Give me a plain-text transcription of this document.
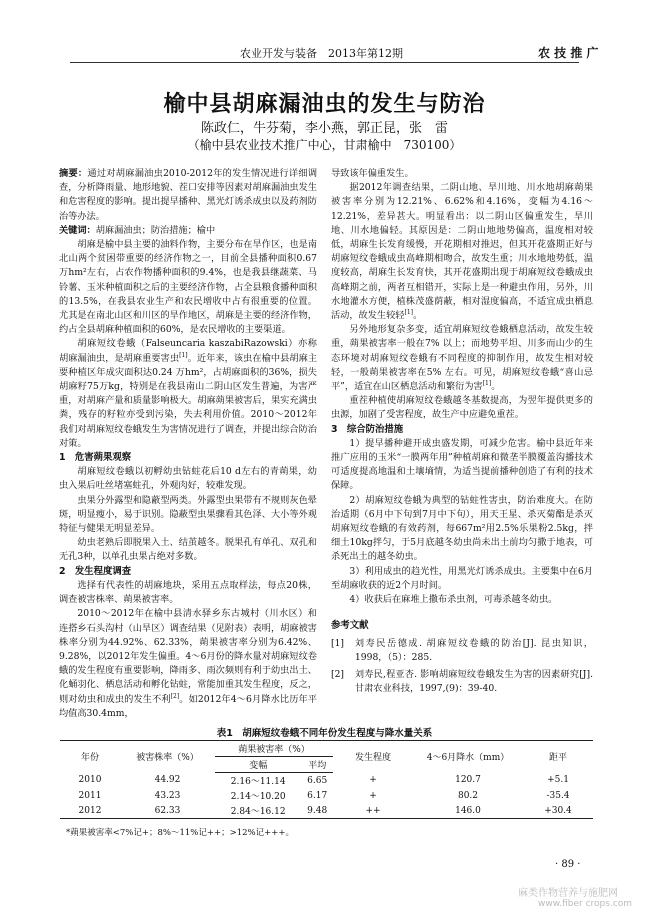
农业开发与装备　2013年第12期	农 技 推 广
榆中县胡麻漏油虫的发生与防治
陈政仁，牛芬菊，李小燕，郭正昆，张　雷
（榆中县农业技术推广中心，甘肃榆中　730100）

摘要：通过对胡麻漏油虫2010-2012年的发生情况进行详细调查，分析降雨量、地形地貌、茬口安排等因素对胡麻漏油虫发生和危害程度的影响。提出提早播种、黑光灯诱杀成虫以及药剂防治等办法。

关键词：胡麻漏油虫；防治措施；榆中

胡麻是榆中县主要的油料作物，主要分布在旱作区，也是南北山两个贫困带重要的经济作物之一，目前全县播种面积0.67万hm²左右，占农作物播种面积的9.4%，也是我县继蔬菜、马铃薯、玉米种植面积之后的主要经济作物，占全县粮食播种面积的13.5%，在我县农业生产和农民增收中占有很重要的位置。尤其是在南北山区和川区的旱作地区，胡麻是主要的经济作物，约占全县胡麻种植面积的60%，是农民增收的主要渠道。

胡麻短纹卷蛾（Falseuncaria kaszabiRazowski）亦称胡麻漏油虫，是胡麻重要害虫[1]。近年来，该虫在榆中县胡麻主要种植区年成灾面积达0.24 万hm²，占胡麻面积的36%，损失胡麻籽75万kg，特别是在我县南山二阴山区发生普遍，为害严重，对胡麻产量和质量影响极大。胡麻蒴果被害后，果实充满虫粪，残存的籽粒亦受到污染，失去利用价值。2010～2012年我们对胡麻短纹卷蛾发生为害情况进行了调查，并提出综合防治对策。

1　危害蒴果观察

胡麻短纹卷蛾以初孵幼虫钻蛀花后10 d左右的青蒴果，幼虫入果后吐丝堵塞蛀孔，外观肉好，较难发现。

虫果分外露型和隐蔽型两类。外露型虫果带有不规则灰色晕斑，明显瘦小，易于识别。隐蔽型虫果骤看其色泽、大小等外观特征与健果无明显差异。

幼虫老熟后即脱果入土、结茧越冬。脱果孔有单孔、双孔和无孔3种，以单孔虫果占绝对多数。

2　发生程度调查

选择有代表性的胡麻地块，采用五点取样法，每点20株，调查被害株率、蒴果被害率。

2010～2012年在榆中县清水驿乡东古城村（川水区）和连搭乡石头沟村（山旱区）调查结果（见附表）表明，胡麻被害株率分别为44.92%、62.33%，蒴果被害率分别为6.42%、9.28%，以2012年发生偏重。4～6月份的降水量对胡麻短纹卷蛾的发生程度有重要影响，降雨多、雨次频则有利于幼虫出土、化蛹羽化、栖息活动和孵化钻蛀，常能加重其发生程度，反之，则对幼虫和成虫的发生不利[2]。如2012年4～6月降水比历年平均值高30.4mm，

导致该年偏重发生。

据2012年调查结果，二阴山地、旱川地、川水地胡麻蒴果被害率分别为12.21%、6.62%和4.16%，变幅为4.16～12.21%，差异甚大。明显看出：以二阴山区偏重发生，旱川地、川水地偏轻。其原因是：二阴山地地势偏高，温度相对较低，胡麻生长发育缓慢，开花期相对推迟，但其开花盛期正好与胡麻短纹卷蛾成虫高峰期相吻合，故发生重；川水地地势低，温度较高，胡麻生长发育快，其开花盛期出现于胡麻短纹卷蛾成虫高峰期之前，两者互相错开，实际上是一种避虫作用，另外，川水地灌水方便，植株茂盛荫蔽，相对湿度偏高，不适宜成虫栖息活动，故发生较轻[1]。

另外地形复杂多变，适宜胡麻短纹卷蛾栖息活动，故发生较重，蒴果被害率一般在7% 以上；而地势平坦、川多而山少的生态环境对胡麻短纹卷蛾有不同程度的抑制作用，故发生相对较轻，一般蒴果被害率在5% 左右。可见，胡麻短纹卷蛾“喜山忌平”，适宜在山区栖息活动和繁衍为害[1]。

重茬种植使胡麻短纹卷蛾越冬基数提高，为翌年提供更多的虫源，加剧了受害程度，故生产中应避免重茬。

3　综合防治措施

1）提早播种避开成虫盛发期，可减少危害。榆中县近年来推广应用的玉米“一膜两年用”种植胡麻和微垄半膜覆盖沟播技术可适度提高地温和土壤墒情，为适当提前播种创造了有利的技术保障。

2）胡麻短纹卷蛾为典型的钻蛀性害虫，防治难度大。在防治适期（6月中下旬到7月中下旬），用天王星、杀灭菊酯是杀灭胡麻短纹卷蛾的有效药剂，每667m²用2.5%乐果粉2.5kg，拌细土10kg拌匀，于5月底越冬幼虫尚未出土前均匀撒于地表，可杀死出土的越冬幼虫。

3）利用成虫的趋光性，用黑光灯诱杀成虫。主要集中在6月至胡麻收获的近2个月时间。

4）收获后在麻堆上撒布杀虫剂，可毒杀越冬幼虫。

参考文献

[1] 刘寿民岳德成. 胡麻短纹卷蛾的防治[J]. 昆虫知识，1998，（5）：285.

[2] 刘寿民,程亚杏. 影响胡麻短纹卷蛾发生为害的因素研究[J]. 甘肃农业科技，1997,(9)：39-40.

表1　胡麻短纹卷蛾不同年份发生程度与降水量关系
年份	被害株率（%）	蒴果被害率（%）		发生程度	4～6月降水（mm）	距平
		变幅	平均			
2010	44.92	2.16～11.14	6.65	+	120.7	+5.1
2011	43.23	2.14～10.20	6.17	+	80.2	-35.4
2012	62.33	2.84～16.12	9.48	++	146.0	+30.4
*蒴果被害率<7%记+；8%～11%记++；>12%记+++。
· 89 ·
麻类作物营养与施肥网
www.fiber crops.com
